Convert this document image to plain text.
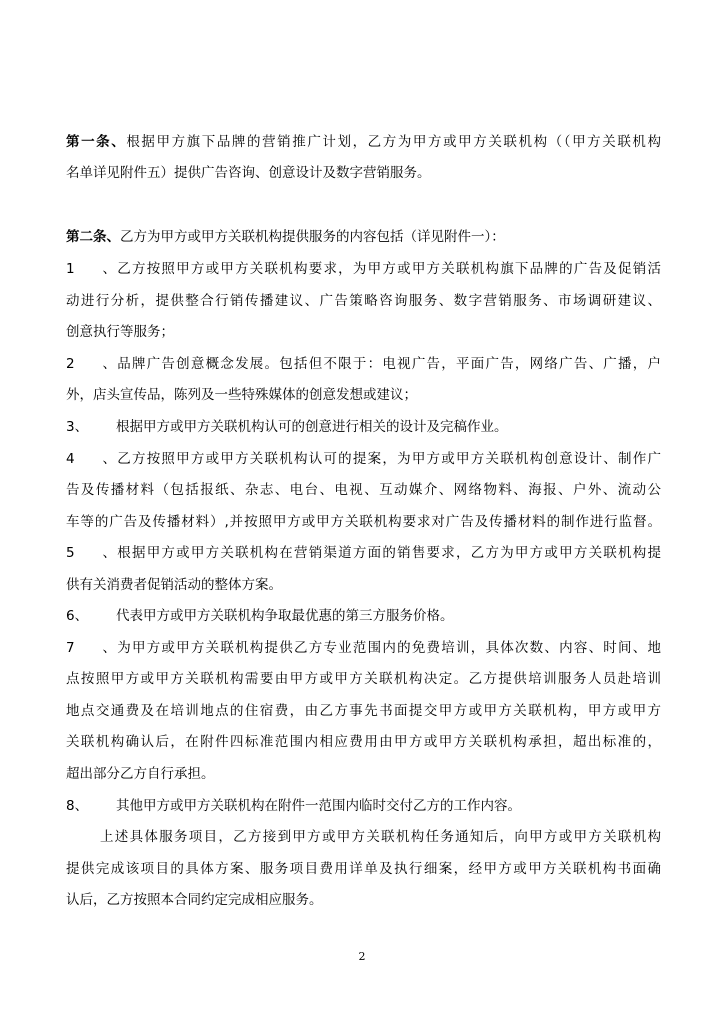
第一条、根据甲方旗下品牌的营销推广计划，乙方为甲方或甲方关联机构（（甲方关联机构
名单详见附件五）提供广告咨询、创意设计及数字营销服务。
第二条、乙方为甲方或甲方关联机构提供服务的内容包括（详见附件一）：
1、乙方按照甲方或甲方关联机构要求，为甲方或甲方关联机构旗下品牌的广告及促销活
动进行分析，提供整合行销传播建议、广告策略咨询服务、数字营销服务、市场调研建议、
创意执行等服务；
2、品牌广告创意概念发展。包括但不限于：电视广告，平面广告，网络广告、广播，户
外，店头宣传品，陈列及一些特殊媒体的创意发想或建议；
3、 根据甲方或甲方关联机构认可的创意进行相关的设计及完稿作业。
4、乙方按照甲方或甲方关联机构认可的提案，为甲方或甲方关联机构创意设计、制作广
告及传播材料（包括报纸、杂志、电台、电视、互动媒介、网络物料、海报、户外、流动公
车等的广告及传播材料）,并按照甲方或甲方关联机构要求对广告及传播材料的制作进行监督。
5、根据甲方或甲方关联机构在营销渠道方面的销售要求，乙方为甲方或甲方关联机构提
供有关消费者促销活动的整体方案。
6、 代表甲方或甲方关联机构争取最优惠的第三方服务价格。
7、为甲方或甲方关联机构提供乙方专业范围内的免费培训，具体次数、内容、时间、地
点按照甲方或甲方关联机构需要由甲方或甲方关联机构决定。乙方提供培训服务人员赴培训
地点交通费及在培训地点的住宿费，由乙方事先书面提交甲方或甲方关联机构，甲方或甲方
关联机构确认后，在附件四标准范围内相应费用由甲方或甲方关联机构承担，超出标准的，
超出部分乙方自行承担。
8、 其他甲方或甲方关联机构在附件一范围内临时交付乙方的工作内容。
上述具体服务项目，乙方接到甲方或甲方关联机构任务通知后，向甲方或甲方关联机构
提供完成该项目的具体方案、服务项目费用详单及执行细案，经甲方或甲方关联机构书面确
认后，乙方按照本合同约定完成相应服务。
2
